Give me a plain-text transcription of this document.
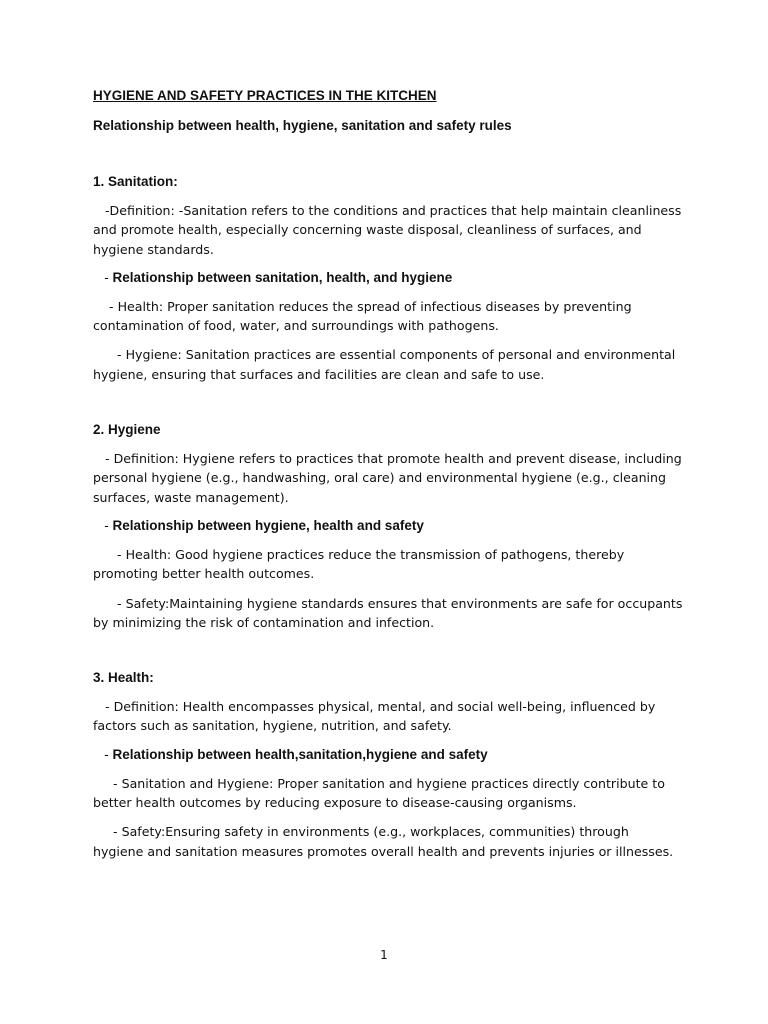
HYGIENE AND SAFETY PRACTICES IN THE KITCHEN

Relationship between health, hygiene, sanitation and safety rules

1. Sanitation:

-Definition: -Sanitation refers to the conditions and practices that help maintain cleanliness and promote health, especially concerning waste disposal, cleanliness of surfaces, and hygiene standards.

- Relationship between sanitation, health, and hygiene

- Health: Proper sanitation reduces the spread of infectious diseases by preventing contamination of food, water, and surroundings with pathogens.

- Hygiene: Sanitation practices are essential components of personal and environmental hygiene, ensuring that surfaces and facilities are clean and safe to use.

2. Hygiene

- Definition: Hygiene refers to practices that promote health and prevent disease, including personal hygiene (e.g., handwashing, oral care) and environmental hygiene (e.g., cleaning surfaces, waste management).

- Relationship between hygiene, health and safety

- Health: Good hygiene practices reduce the transmission of pathogens, thereby promoting better health outcomes.

- Safety:Maintaining hygiene standards ensures that environments are safe for occupants by minimizing the risk of contamination and infection.

3. Health:

- Definition: Health encompasses physical, mental, and social well-being, influenced by factors such as sanitation, hygiene, nutrition, and safety.

- Relationship between health,sanitation,hygiene and safety

- Sanitation and Hygiene: Proper sanitation and hygiene practices directly contribute to better health outcomes by reducing exposure to disease-causing organisms.

- Safety:Ensuring safety in environments (e.g., workplaces, communities) through hygiene and sanitation measures promotes overall health and prevents injuries or illnesses.

1
